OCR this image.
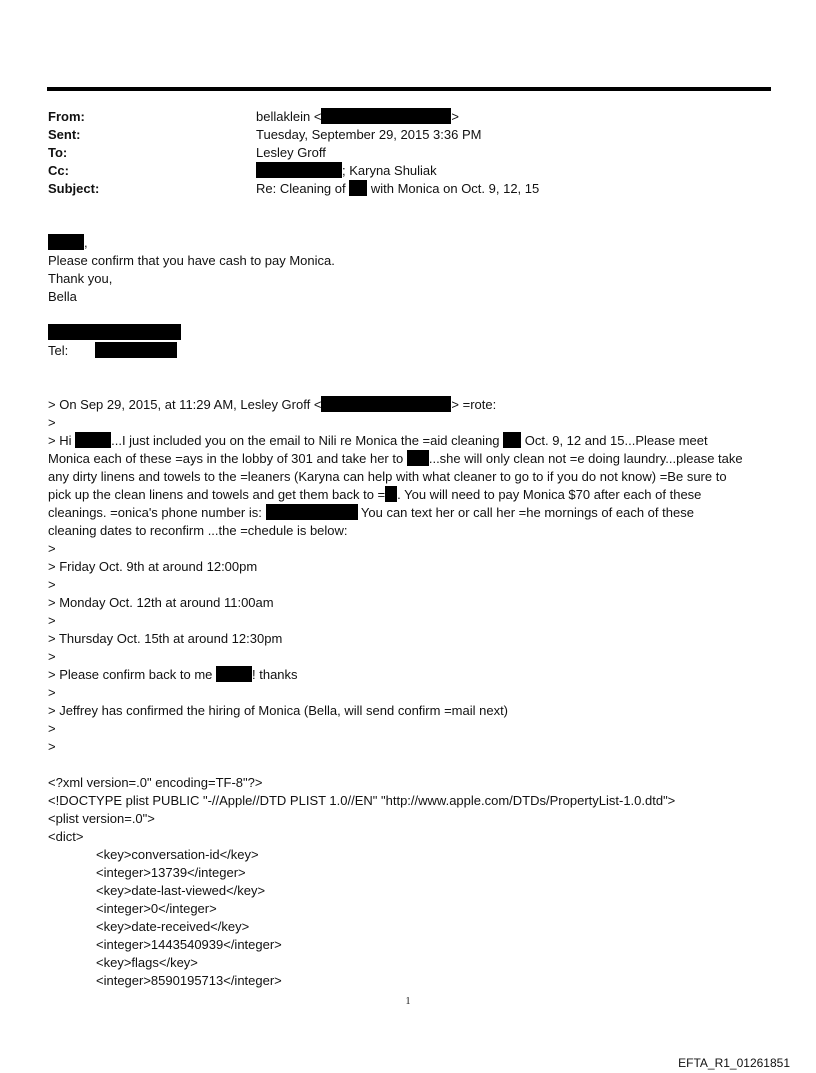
From:	bellaklein <	>
Sent:	Tuesday, September 29, 2015 3:36 PM
To:	Lesley Groff
Cc:	; Karyna Shuliak
Subject:	Re: Cleaning of with Monica on Oct. 9, 12, 15

,

Please confirm that you have cash to pay Monica.

Thank you,

Bella

Tel:

> On Sep 29, 2015, at 11:29 AM, Lesley Groff <	> =rote:

>

> Hi	...I just included you on the email to Nili re Monica the =aid cleaning Oct. 9, 12 and 15...Please meet

Monica each of these =ays in the lobby of 301 and take her to ...she will only clean not =e doing laundry...please take

any dirty linens and towels to the =leaners (Karyna can help with what cleaner to go to if you do not know) =Be sure to

pick up the clean linens and towels and get them back to = . You will need to pay Monica $70 after each of these

cleanings. =onica's phone number is:	You can text her or call her =he mornings of each of these

cleaning dates to reconfirm ...the =chedule is below:

>

> Friday Oct. 9th at around 12:00pm

>

> Monday Oct. 12th at around 11:00am

>

> Thursday Oct. 15th at around 12:30pm

>

> Please confirm back to me	! thanks

>

> Jeffrey has confirmed the hiring of Monica (Bella, will send confirm =mail next)

>

>

<?xml version=.0" encoding=TF-8"?>

<!DOCTYPE plist PUBLIC "-//Apple//DTD PLIST 1.0//EN" "http://www.apple.com/DTDs/PropertyList-1.0.dtd">

<plist version=.0">

<dict>

<key>conversation-id</key>

<integer>13739</integer>

<key>date-last-viewed</key>

<integer>0</integer>

<key>date-received</key>

<integer>1443540939</integer>

<key>flags</key>

<integer>8590195713</integer>

1
EFTA_R1_01261851
